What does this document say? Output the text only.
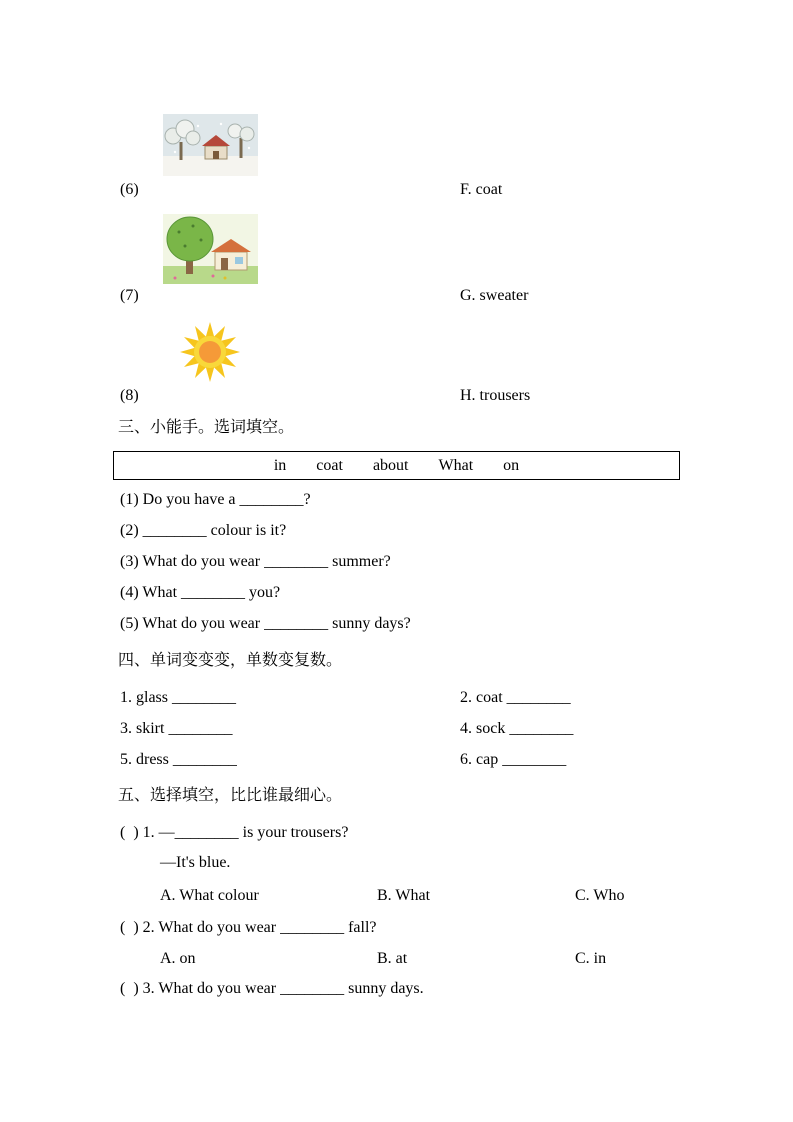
(6)	F. coat
(7)	G. sweater
(8)	H. trousers
三、小能手。选词填空。
in coat about What on
(1) Do you have a ________?
(2) ________ colour is it?
(3) What do you wear ________ summer?
(4) What ________ you?
(5) What do you wear ________ sunny days?
四、单词变变变，单数变复数。
1. glass ________	2. coat ________
3. skirt ________	4. sock ________
5. dress ________	6. cap ________
五、选择填空，比比谁最细心。
(  ) 1. —________ is your trousers?
—It's blue.
A. What colour	B. What	C. Who
(  ) 2. What do you wear ________ fall?
A. on	B. at	C. in
(  ) 3. What do you wear ________ sunny days.
